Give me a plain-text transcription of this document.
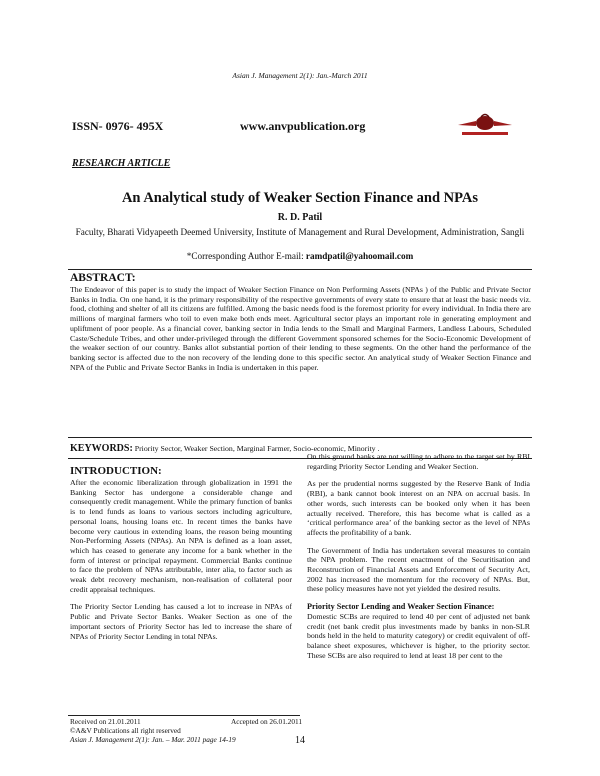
Asian J. Management 2(1): Jan.-March 2011
ISSN- 0976- 495X	www.anvpublication.org
RESEARCH ARTICLE
An Analytical study of Weaker Section Finance and NPAs
R. D. Patil
Faculty, Bharati Vidyapeeth Deemed University, Institute of Management and Rural Development, Administration, Sangli
*Corresponding Author E-mail: ramdpatil@yahoomail.com
ABSTRACT:
The Endeavor of this paper is to study the impact of Weaker Section Finance on Non Performing Assets (NPAs ) of the Public and Private Sector Banks in India. On one hand, it is the primary responsibility of the respective governments of every state to ensure that at least the basic needs viz. food, clothing and shelter of all its citizens are fulfilled. Among the basic needs food is the foremost priority for every individual. In India there are millions of marginal farmers who toil to even make both ends meet. Agricultural sector plays an important role in generating employment and upliftment of poor people. As a financial cover, banking sector in India lends to the Small and Marginal Farmers, Landless Labours, Scheduled Caste/Schedule Tribes, and other under-privileged through the different Government sponsored schemes for the Socio-Economic Development of the weaker section of our country. Banks allot substantial portion of their lending to these segments. On the other hand the performance of the banking sector is affected due to the non recovery of the lending done to this specific sector. An analytical study of Weaker Section Finance and NPA of the Public and Private Sector Banks in India is undertaken in this paper.
KEYWORDS: Priority Sector, Weaker Section, Marginal Farmer, Socio-economic, Minority .
INTRODUCTION:

After the economic liberalization through globalization in 1991 the Banking Sector has undergone a considerable change and consequently credit management. While the primary function of banks is to lend funds as loans to various sectors including agriculture, personal loans, housing loans etc. In recent times the banks have become very cautious in extending loans, the reason being mounting Non-Performing Assets (NPAs). An NPA is defined as a loan asset, which has ceased to generate any income for a bank whether in the form of interest or principal repayment. Commercial Banks continue to face the problem of NPAs attributable, inter alia, to factor such as weak debt recovery mechanism, non-realisation of collateral poor credit appraisal techniques.

The Priority Sector Lending has caused a lot to increase in NPAs of Public and Private Sector Banks. Weaker Section as one of the important sectors of Priority Sector has led to increase the share of NPAs of Priority Sector Lending in total NPAs.

On this ground banks are not willing to adhere to the target set by RBI regarding Priority Sector Lending and Weaker Section.

As per the prudential norms suggested by the Reserve Bank of India (RBI), a bank cannot book interest on an NPA on accrual basis. In other words, such interests can be booked only when it has been actually received. Therefore, this has become what is called as a ‘critical performance area’ of the banking sector as the level of NPAs affects the profitability of a bank.

The Government of India has undertaken several measures to contain the NPA problem. The recent enactment of the Securitisation and Reconstruction of Financial Assets and Enforcement of Security Act, 2002 has increased the momentum for the recovery of NPAs. But, these policy measures have not yet yielded the desired results.

Priority Sector Lending and Weaker Section Finance:
Domestic SCBs are required to lend 40 per cent of adjusted net bank credit (net bank credit plus investments made by banks in non-SLR bonds held in the held to maturity category) or credit equivalent of off-balance sheet exposures, whichever is higher, to the priority sector. These SCBs are also required to lend at least 18 per cent to the
Received on 21.01.2011	Accepted on 26.01.2011
©A&V Publications all right reserved
Asian J. Management 2(1): Jan. – Mar. 2011 page 14-19	14
